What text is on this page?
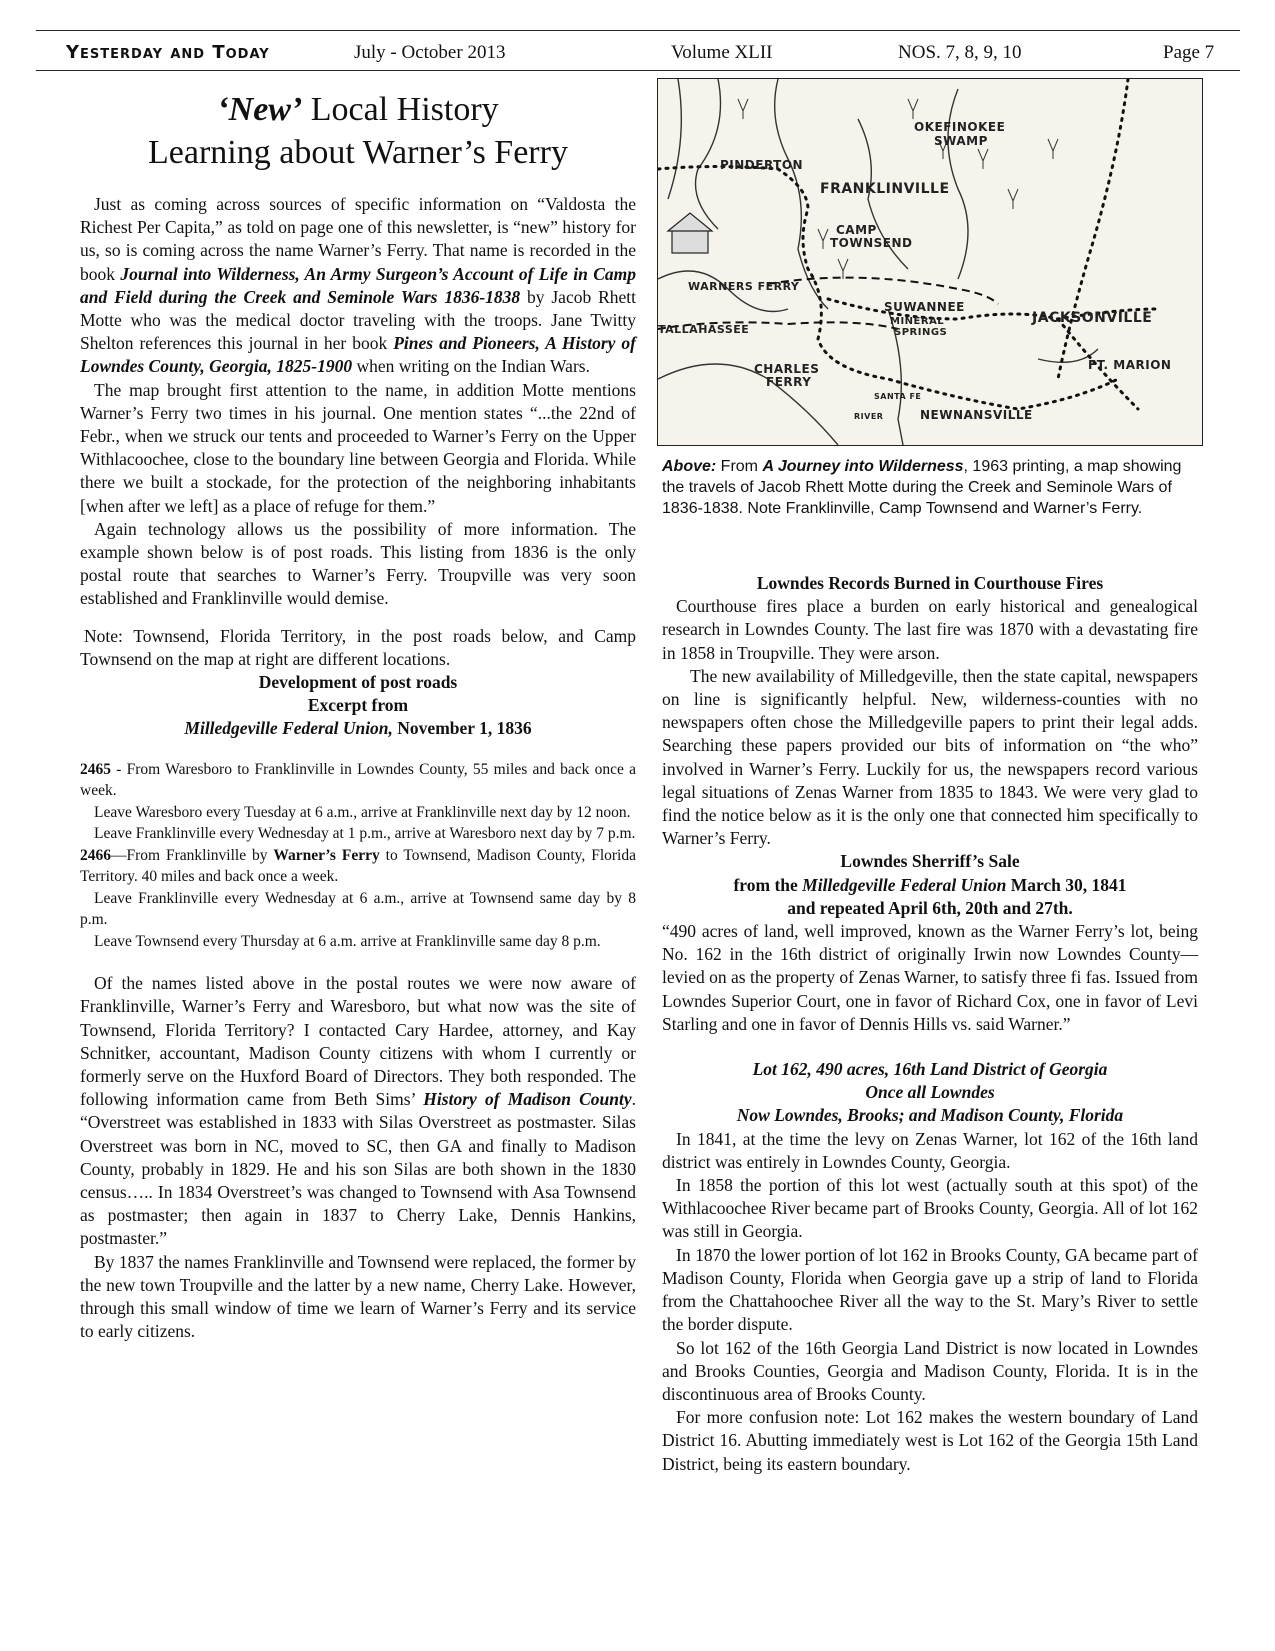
Yesterday and Today	July - October 2013	Volume XLII	NOS. 7, 8, 9, 10	Page 7
‘New’ Local History
Learning about Warner’s Ferry

Just as coming across sources of specific information on “Valdosta the Richest Per Capita,” as told on page one of this newsletter, is “new” history for us, so is coming across the name Warner’s Ferry. That name is recorded in the book Journal into Wilderness, An Army Surgeon’s Account of Life in Camp and Field during the Creek and Seminole Wars 1836-1838 by Jacob Rhett Motte who was the medical doctor traveling with the troops. Jane Twitty Shelton references this journal in her book Pines and Pioneers, A History of Lowndes County, Georgia, 1825-1900 when writing on the Indian Wars.

The map brought first attention to the name, in addition Motte mentions Warner’s Ferry two times in his journal. One mention states “...the 22nd of Febr., when we struck our tents and proceeded to Warner’s Ferry on the Upper Withlacoochee, close to the boundary line between Georgia and Florida. While there we built a stockade, for the protection of the neighboring inhabitants [when after we left] as a place of refuge for them.”

Again technology allows us the possibility of more information. The example shown below is of post roads. This listing from 1836 is the only postal route that searches to Warner’s Ferry. Troupville was very soon established and Franklinville would demise.

Note: Townsend, Florida Territory, in the post roads below, and Camp Townsend on the map at right are different locations.

Development of post roads

Excerpt from

Milledgeville Federal Union, November 1, 1836

2465 - From Waresboro to Franklinville in Lowndes County, 55 miles and back once a week.

Leave Waresboro every Tuesday at 6 a.m., arrive at Franklinville next day by 12 noon.

Leave Franklinville every Wednesday at 1 p.m., arrive at Waresboro next day by 7 p.m.

2466—From Franklinville by Warner’s Ferry to Townsend, Madison County, Florida Territory. 40 miles and back once a week.

Leave Franklinville every Wednesday at 6 a.m., arrive at Townsend same day by 8 p.m.

Leave Townsend every Thursday at 6 a.m. arrive at Franklinville same day 8 p.m.

Of the names listed above in the postal routes we were now aware of Franklinville, Warner’s Ferry and Waresboro, but what now was the site of Townsend, Florida Territory? I contacted Cary Hardee, attorney, and Kay Schnitker, accountant, Madison County citizens with whom I currently or formerly serve on the Huxford Board of Directors. They both responded. The following information came from Beth Sims’ History of Madison County. “Overstreet was established in 1833 with Silas Overstreet as postmaster. Silas Overstreet was born in NC, moved to SC, then GA and finally to Madison County, probably in 1829. He and his son Silas are both shown in the 1830 census….. In 1834 Overstreet’s was changed to Townsend with Asa Townsend as postmaster; then again in 1837 to Cherry Lake, Dennis Hankins, postmaster.”

By 1837 the names Franklinville and Townsend were replaced, the former by the new town Troupville and the latter by a new name, Cherry Lake. However, through this small window of time we learn of Warner’s Ferry and its service to early citizens.

OKEFINOKEE
SWAMP
PINDERTON
FRANKLINVILLE
CAMP
TOWNSEND
WARNERS FERRY
TALLAHASSEE
SUWANNEE
MINERAL
SPRINGS
JACKSONVILLE
FT. MARION
CHARLES
FERRY
NEWNANSVILLE
RIVER
SANTA FE
Above: From A Journey into Wilderness, 1963 printing, a map showing the travels of Jacob Rhett Motte during the Creek and Seminole Wars of 1836-1838. Note Franklinville, Camp Townsend and Warner’s Ferry.

Lowndes Records Burned in Courthouse Fires

Courthouse fires place a burden on early historical and genealogical research in Lowndes County. The last fire was 1870 with a devastating fire in 1858 in Troupville. They were arson.

The new availability of Milledgeville, then the state capital, newspapers on line is significantly helpful. New, wilderness-counties with no newspapers often chose the Milledgeville papers to print their legal adds. Searching these papers provided our bits of information on “the who” involved in Warner’s Ferry. Luckily for us, the newspapers record various legal situations of Zenas Warner from 1835 to 1843. We were very glad to find the notice below as it is the only one that connected him specifically to Warner’s Ferry.

Lowndes Sherriff’s Sale

from the Milledgeville Federal Union March 30, 1841

and repeated April 6th, 20th and 27th.

“490 acres of land, well improved, known as the Warner Ferry’s lot, being No. 162 in the 16th district of originally Irwin now Lowndes County—levied on as the property of Zenas Warner, to satisfy three fi fas. Issued from Lowndes Superior Court, one in favor of Richard Cox, one in favor of Levi Starling and one in favor of Dennis Hills vs. said Warner.”

Lot 162, 490 acres, 16th Land District of Georgia

Once all Lowndes

Now Lowndes, Brooks; and Madison County, Florida

In 1841, at the time the levy on Zenas Warner, lot 162 of the 16th land district was entirely in Lowndes County, Georgia.

In 1858 the portion of this lot west (actually south at this spot) of the Withlacoochee River became part of Brooks County, Georgia. All of lot 162 was still in Georgia.

In 1870 the lower portion of lot 162 in Brooks County, GA became part of Madison County, Florida when Georgia gave up a strip of land to Florida from the Chattahoochee River all the way to the St. Mary’s River to settle the border dispute.

So lot 162 of the 16th Georgia Land District is now located in Lowndes and Brooks Counties, Georgia and Madison County, Florida. It is in the discontinuous area of Brooks County.

For more confusion note: Lot 162 makes the western boundary of Land District 16. Abutting immediately west is Lot 162 of the Georgia 15th Land District, being its eastern boundary.
